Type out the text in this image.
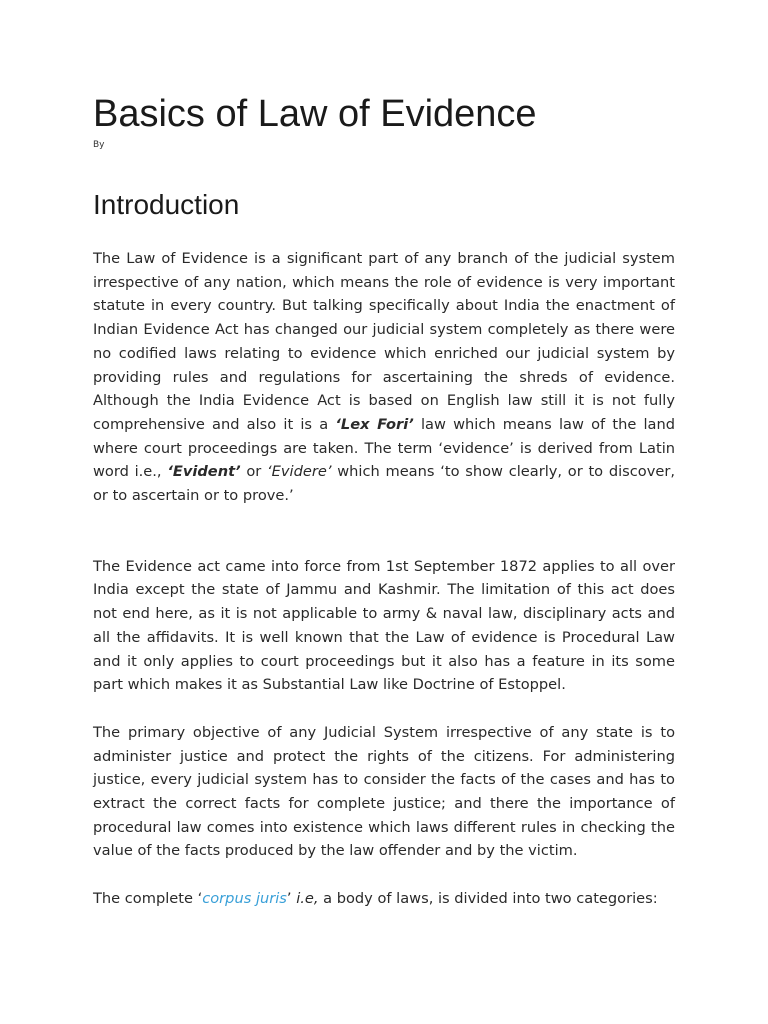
Basics of Law of Evidence
By
Introduction

The Law of Evidence is a significant part of any branch of the judicial system irrespective of any nation, which means the role of evidence is very important statute in every country. But talking specifically about India the enactment of Indian Evidence Act has changed our judicial system completely as there were no codified laws relating to evidence which enriched our judicial system by providing rules and regulations for ascertaining the shreds of evidence. Although the India Evidence Act is based on English law still it is not fully comprehensive and also it is a ‘Lex Fori’ law which means law of the land where court proceedings are taken. The term ‘evidence’ is derived from Latin word i.e., ‘Evident’ or ‘Evidere’ which means ‘to show clearly, or to discover, or to ascertain or to prove.’

The Evidence act came into force from 1st September 1872 applies to all over India except the state of Jammu and Kashmir. The limitation of this act does not end here, as it is not applicable to army & naval law, disciplinary acts and all the affidavits. It is well known that the Law of evidence is Procedural Law and it only applies to court proceedings but it also has a feature in its some part which makes it as Substantial Law like Doctrine of Estoppel.

The primary objective of any Judicial System irrespective of any state is to administer justice and protect the rights of the citizens. For administering justice, every judicial system has to consider the facts of the cases and has to extract the correct facts for complete justice; and there the importance of procedural law comes into existence which laws different rules in checking the value of the facts produced by the law offender and by the victim.

The complete ‘corpus juris’ i.e, a body of laws, is divided into two categories:
